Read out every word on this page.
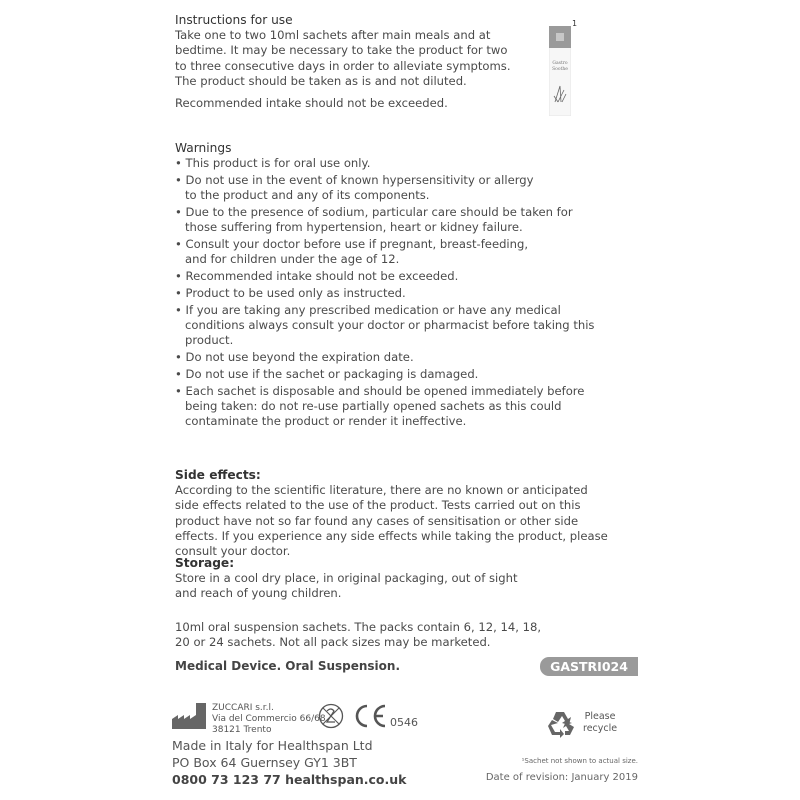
Instructions for use

Take one to two 10ml sachets after main meals and at bedtime. It may be necessary to take the product for two to three consecutive days in order to alleviate symptoms. The product should be taken as is and not diluted.

Recommended intake should not be exceeded.

Gastro
Soothe
1
Warnings
• This product is for oral use only.
• Do not use in the event of known hypersensitivity or allergy to the product and any of its components.
• Due to the presence of sodium, particular care should be taken for those suffering from hypertension, heart or kidney failure.
• Consult your doctor before use if pregnant, breast-feeding, and for children under the age of 12.
• Recommended intake should not be exceeded.
• Product to be used only as instructed.
• If you are taking any prescribed medication or have any medical conditions always consult your doctor or pharmacist before taking this product.
• Do not use beyond the expiration date.
• Do not use if the sachet or packaging is damaged.
• Each sachet is disposable and should be opened immediately before being taken: do not re-use partially opened sachets as this could contaminate the product or render it ineffective.
Side effects:

According to the scientific literature, there are no known or anticipated side effects related to the use of the product. Tests carried out on this product have not so far found any cases of sensitisation or other side effects. If you experience any side effects while taking the product, please consult your doctor.

Storage:

Store in a cool dry place, in original packaging, out of sight and reach of young children.

10ml oral suspension sachets. The packs contain 6, 12, 14, 18, 20 or 24 sachets. Not all pack sizes may be marketed.
Medical Device. Oral Suspension.	GASTRI024
ZUCCARI s.r.l.
Via del Commercio 66/68
38121 Trento
0546	Please
recycle
Made in Italy for Healthspan Ltd
PO Box 64 Guernsey GY1 3BT
0800 73 123 77 healthspan.co.uk
¹Sachet not shown to actual size.
Date of revision: January 2019
